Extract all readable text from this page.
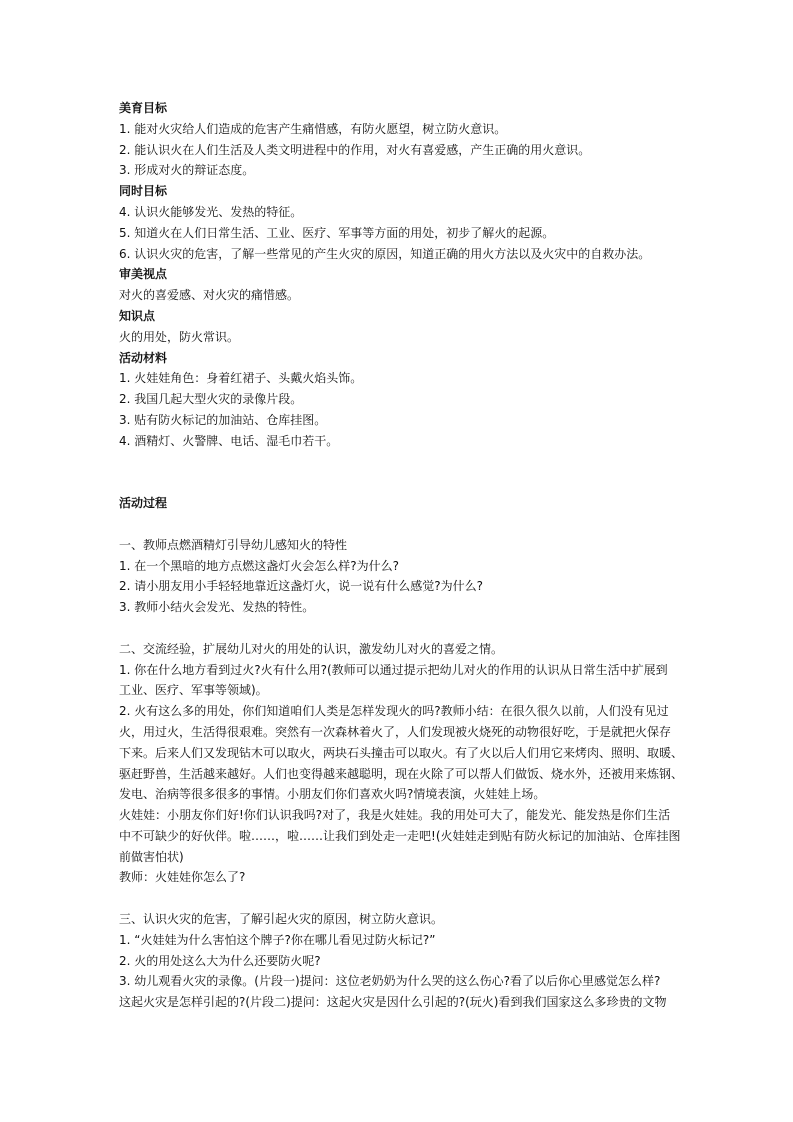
美育目标
1. 能对火灾给人们造成的危害产生痛惜感，有防火愿望，树立防火意识。
2. 能认识火在人们生活及人类文明进程中的作用，对火有喜爱感，产生正确的用火意识。
3. 形成对火的辩证态度。
同时目标
4. 认识火能够发光、发热的特征。
5. 知道火在人们日常生活、工业、医疗、军事等方面的用处，初步了解火的起源。
6. 认识火灾的危害，了解一些常见的产生火灾的原因，知道正确的用火方法以及火灾中的自救办法。
审美视点
对火的喜爱感、对火灾的痛惜感。
知识点
火的用处，防火常识。
活动材料
1. 火娃娃角色：身着红裙子、头戴火焰头饰。
2. 我国几起大型火灾的录像片段。
3. 贴有防火标记的加油站、仓库挂图。
4. 酒精灯、火警牌、电话、湿毛巾若干。
活动过程
一、教师点燃酒精灯引导幼儿感知火的特性
1. 在一个黑暗的地方点燃这盏灯火会怎么样?为什么?
2. 请小朋友用小手轻轻地靠近这盏灯火，说一说有什么感觉?为什么?
3. 教师小结火会发光、发热的特性。
二、交流经验，扩展幼儿对火的用处的认识，激发幼儿对火的喜爱之情。
1. 你在什么地方看到过火?火有什么用?(教师可以通过提示把幼儿对火的作用的认识从日常生活中扩展到
工业、医疗、军事等领域)。
2. 火有这么多的用处，你们知道咱们人类是怎样发现火的吗?教师小结：在很久很久以前，人们没有见过
火，用过火，生活得很艰难。突然有一次森林着火了，人们发现被火烧死的动物很好吃，于是就把火保存
下来。后来人们又发现钻木可以取火，两块石头撞击可以取火。有了火以后人们用它来烤肉、照明、取暖、
驱赶野兽，生活越来越好。人们也变得越来越聪明，现在火除了可以帮人们做饭、烧水外，还被用来炼钢、
发电、治病等很多很多的事情。小朋友们你们喜欢火吗?情境表演，火娃娃上场。
火娃娃：小朋友你们好!你们认识我吗?对了，我是火娃娃。我的用处可大了，能发光、能发热是你们生活
中不可缺少的好伙伴。啦……，啦……让我们到处走一走吧!(火娃娃走到贴有防火标记的加油站、仓库挂图
前做害怕状)
教师：火娃娃你怎么了?
三、认识火灾的危害，了解引起火灾的原因，树立防火意识。
1. “火娃娃为什么害怕这个牌子?你在哪儿看见过防火标记?”
2. 火的用处这么大为什么还要防火呢?
3. 幼儿观看火灾的录像。(片段一)提问：这位老奶奶为什么哭的这么伤心?看了以后你心里感觉怎么样?
这起火灾是怎样引起的?(片段二)提问：这起火灾是因什么引起的?(玩火)看到我们国家这么多珍贵的文物
